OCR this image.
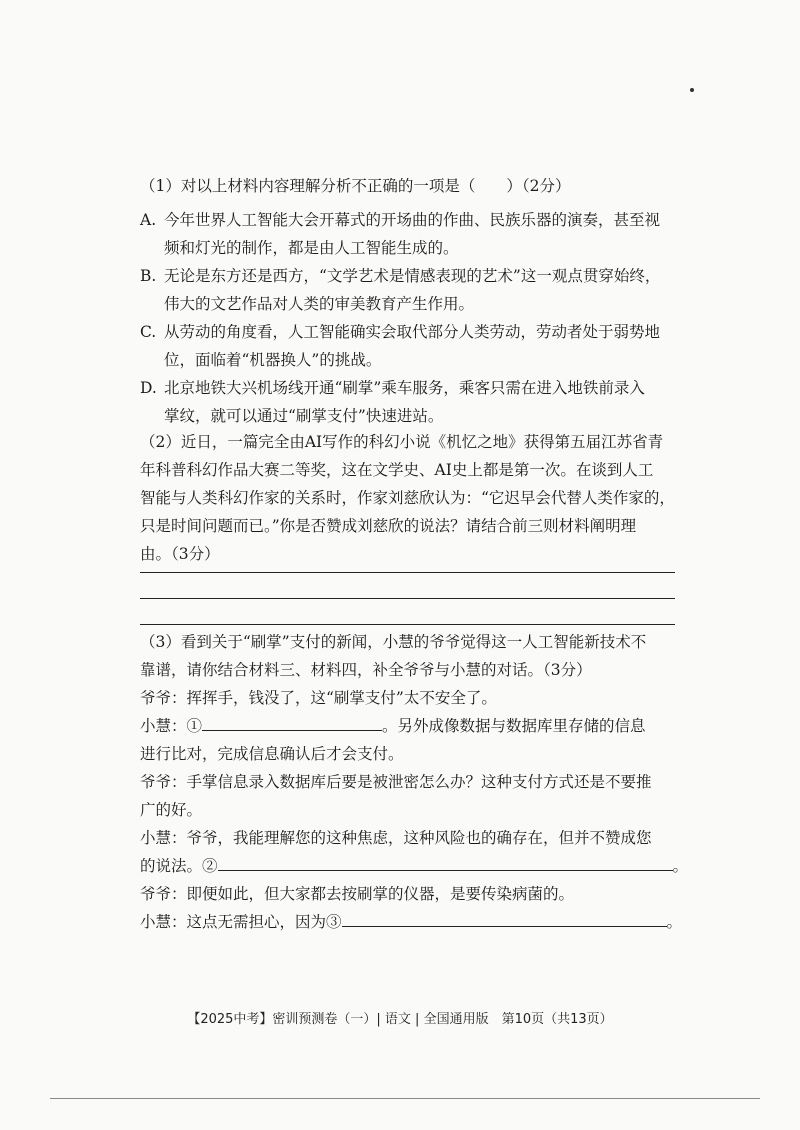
（1）对以上材料内容理解分析不正确的一项是（　　）（2分）
A. 今年世界人工智能大会开幕式的开场曲的作曲、民族乐器的演奏，甚至视
频和灯光的制作，都是由人工智能生成的。
B. 无论是东方还是西方，“文学艺术是情感表现的艺术”这一观点贯穿始终，
伟大的文艺作品对人类的审美教育产生作用。
C. 从劳动的角度看，人工智能确实会取代部分人类劳动，劳动者处于弱势地
位，面临着“机器换人”的挑战。
D. 北京地铁大兴机场线开通“刷掌”乘车服务，乘客只需在进入地铁前录入
掌纹，就可以通过“刷掌支付”快速进站。
（2）近日，一篇完全由AI写作的科幻小说《机忆之地》获得第五届江苏省青
年科普科幻作品大赛二等奖，这在文学史、AI史上都是第一次。在谈到人工
智能与人类科幻作家的关系时，作家刘慈欣认为：“它迟早会代替人类作家的，
只是时间问题而已。”你是否赞成刘慈欣的说法？请结合前三则材料阐明理
由。（3分）
（3）看到关于“刷掌”支付的新闻，小慧的爷爷觉得这一人工智能新技术不
靠谱，请你结合材料三、材料四，补全爷爷与小慧的对话。（3分）
爷爷：挥挥手，钱没了，这“刷掌支付”太不安全了。
小慧：①	。另外成像数据与数据库里存储的信息
进行比对，完成信息确认后才会支付。
爷爷：手掌信息录入数据库后要是被泄密怎么办？这种支付方式还是不要推
广的好。
小慧：爷爷，我能理解您的这种焦虑，这种风险也的确存在，但并不赞成您
的说法。②	。
爷爷：即便如此，但大家都去按刷掌的仪器，是要传染病菌的。
小慧：这点无需担心，因为③	。
【2025中考】密训预测卷（一）| 语文 | 全国通用版　第10页（共13页）
